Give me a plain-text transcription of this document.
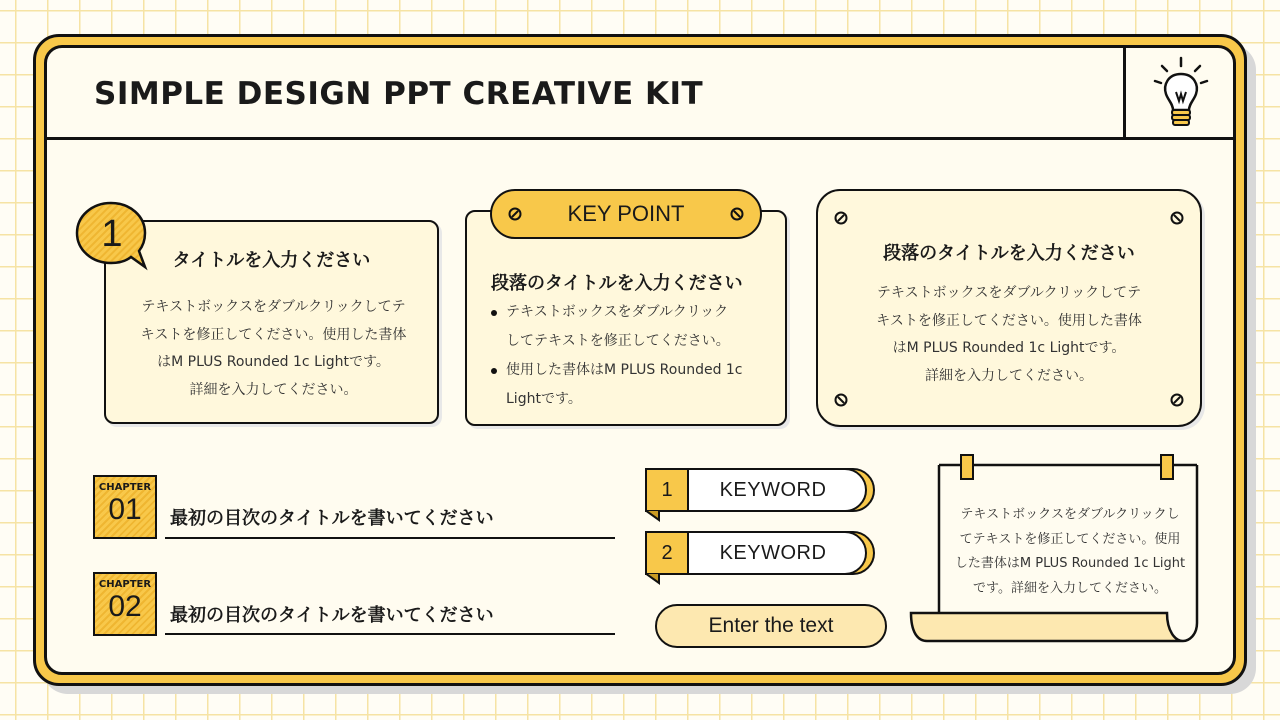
SIMPLE DESIGN PPT CREATIVE KIT
タイトルを入力ください
テキストボックスをダブルクリックしてテ
キストを修正してください。使用した書体
はM PLUS Rounded 1c Lightです。
詳細を入力してください。
1
段落のタイトルを入力ください
テキストボックスをダブルクリック
してテキストを修正してください。
使用した書体はM PLUS Rounded 1c
Lightです。
KEY POINT
段落のタイトルを入力ください
テキストボックスをダブルクリックしてテ
キストを修正してください。使用した書体
はM PLUS Rounded 1c Lightです。
詳細を入力してください。
CHAPTER
01	最初の目次のタイトルを書いてください
CHAPTER
02	最初の目次のタイトルを書いてください
KEYWORD
1
KEYWORD
2
Enter the text
テキストボックスをダブルクリックし
てテキストを修正してください。使用
した書体はM PLUS Rounded 1c Light
です。詳細を入力してください。
